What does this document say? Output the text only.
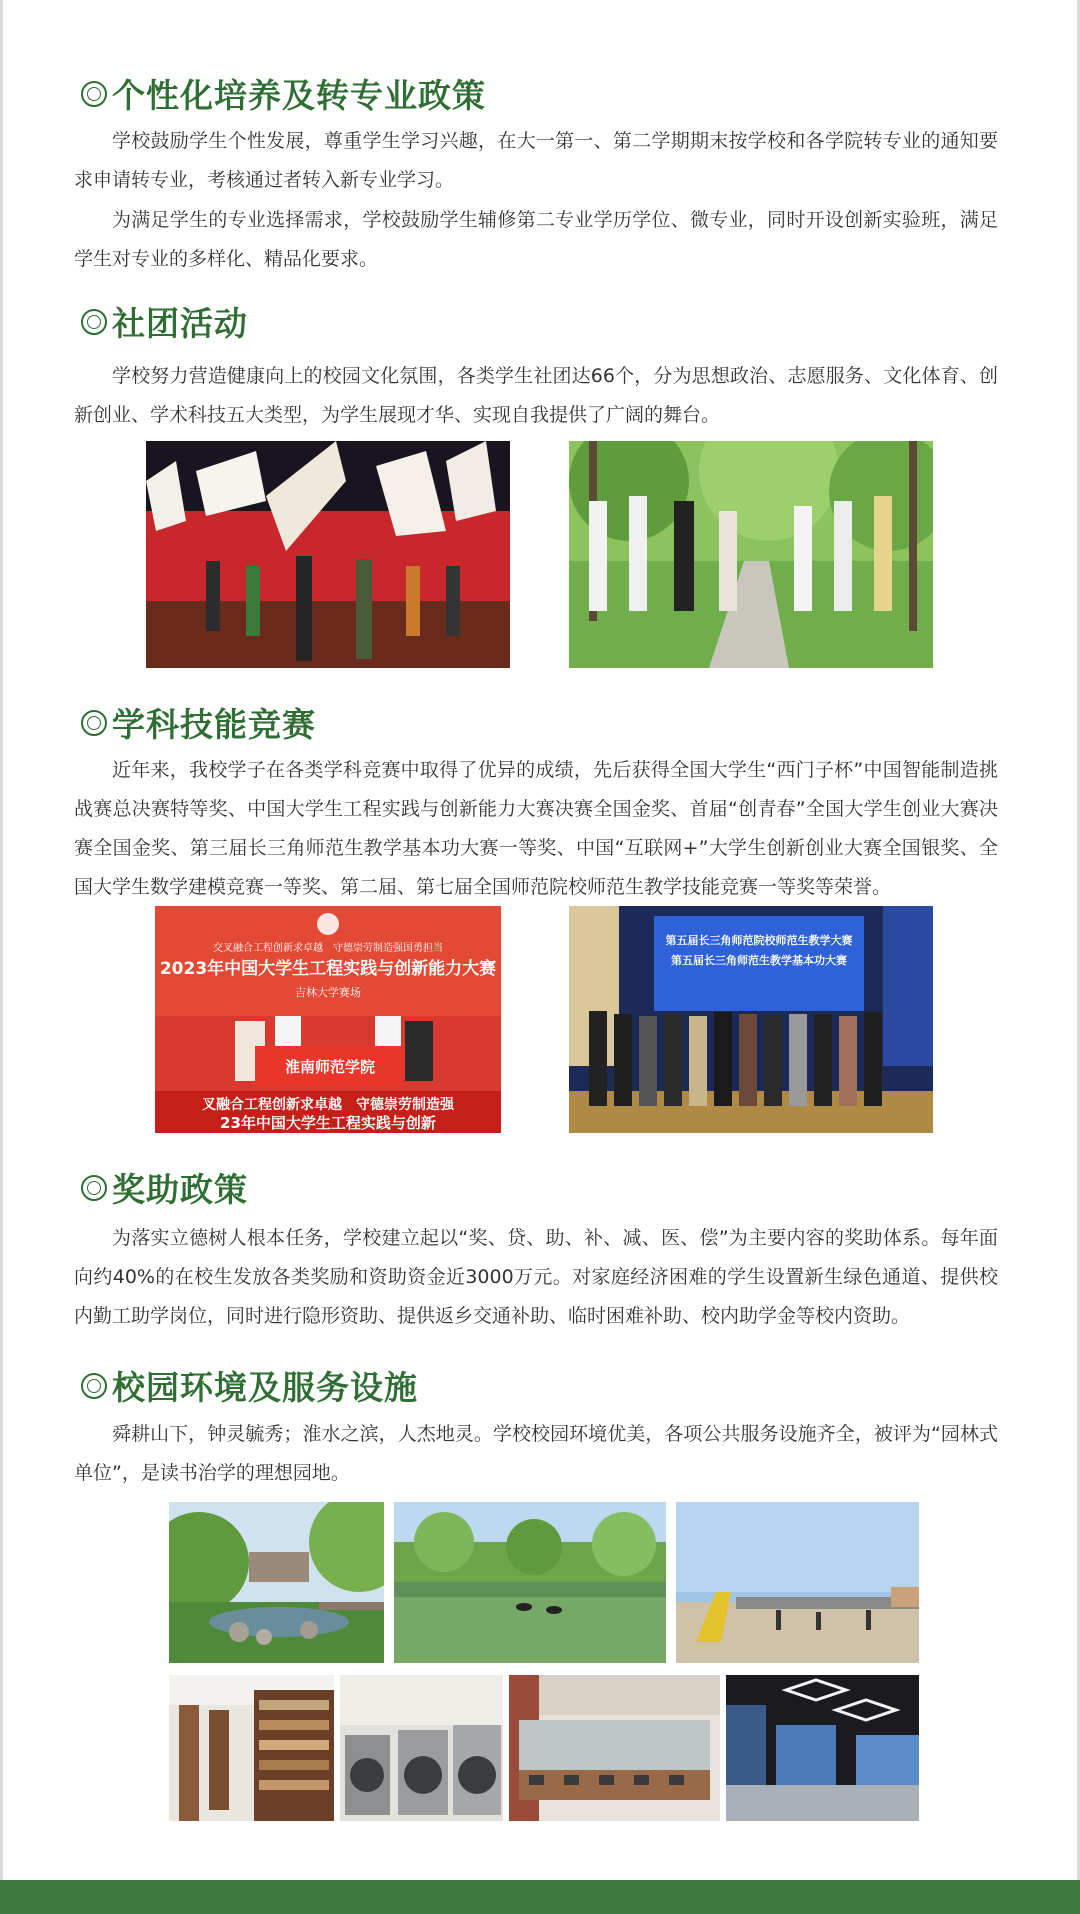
个性化培养及转专业政策

学校鼓励学生个性发展，尊重学生学习兴趣，在大一第一、第二学期期末按学校和各学院转专业的通知要求申请转专业，考核通过者转入新专业学习。

为满足学生的专业选择需求，学校鼓励学生辅修第二专业学历学位、微专业，同时开设创新实验班，满足学生对专业的多样化、精品化要求。

社团活动

学校努力营造健康向上的校园文化氛围，各类学生社团达66个，分为思想政治、志愿服务、文化体育、创新创业、学术科技五大类型，为学生展现才华、实现自我提供了广阔的舞台。

学科技能竞赛

近年来，我校学子在各类学科竞赛中取得了优异的成绩，先后获得全国大学生“西门子杯”中国智能制造挑战赛总决赛特等奖、中国大学生工程实践与创新能力大赛决赛全国金奖、首届“创青春”全国大学生创业大赛决赛全国金奖、第三届长三角师范生教学基本功大赛一等奖、中国“互联网+”大学生创新创业大赛全国银奖、全国大学生数学建模竞赛一等奖、第二届、第七届全国师范院校师范生教学技能竞赛一等奖等荣誉。

交叉融合工程创新求卓越　守德崇劳制造强国勇担当
2023年中国大学生工程实践与创新能力大赛
吉林大学赛场
淮南师范学院
叉融合工程创新求卓越　守德崇劳制造强
23年中国大学生工程实践与创新
第五届长三角师范院校师范生教学大赛
第五届长三角师范生教学基本功大赛
奖助政策

为落实立德树人根本任务，学校建立起以“奖、贷、助、补、减、医、偿”为主要内容的奖助体系。每年面向约40%的在校生发放各类奖励和资助资金近3000万元。对家庭经济困难的学生设置新生绿色通道、提供校内勤工助学岗位，同时进行隐形资助、提供返乡交通补助、临时困难补助、校内助学金等校内资助。

校园环境及服务设施

舜耕山下，钟灵毓秀；淮水之滨，人杰地灵。学校校园环境优美，各项公共服务设施齐全，被评为“园林式单位”，是读书治学的理想园地。
